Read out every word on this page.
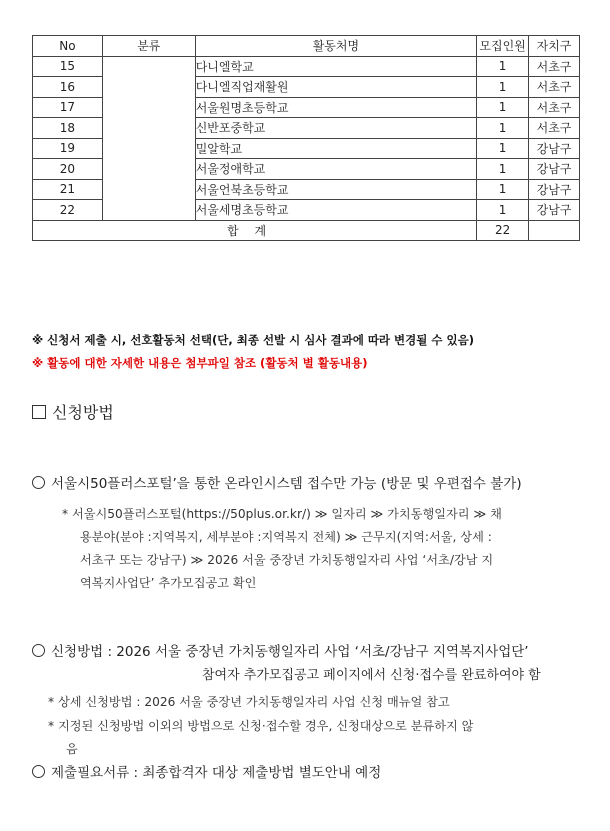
No	분류	활동처명	모집인원	자치구
15		다니엘학교	1	서초구
16		다니엘직업재활원	1	서초구
17		서울원명초등학교	1	서초구
18		신반포중학교	1	서초구
19		밀알학교	1	강남구
20		서울정애학교	1	강남구
21		서울언북초등학교	1	강남구
22		서울세명초등학교	1	강남구
합계			22	
※ 신청서 제출 시, 선호활동처 선택(단, 최종 선발 시 심사 결과에 따라 변경될 수 있음)
※ 활동에 대한 자세한 내용은 첨부파일 참조 (활동처 별 활동내용)
신청방법
서울시50플러스포털’을 통한 온라인시스템 접수만 가능 (방문 및 우편접수 불가)
* 서울시50플러스포털(https://50plus.or.kr/) ≫ 일자리 ≫ 가치동행일자리 ≫ 채
용분야(분야 :지역복지, 세부분야 :지역복지 전체) ≫ 근무지(지역:서울, 상세 :
서초구 또는 강남구) ≫ 2026 서울 중장년 가치동행일자리 사업 ‘서초/강남 지
역복지사업단’ 추가모집공고 확인
신청방법 : 2026 서울 중장년 가치동행일자리 사업 ‘서초/강남구 지역복지사업단’
참여자 추가모집공고 페이지에서 신청·접수를 완료하여야 함
* 상세 신청방법 : 2026 서울 중장년 가치동행일자리 사업 신청 매뉴얼 참고
* 지정된 신청방법 이외의 방법으로 신청·접수할 경우, 신청대상으로 분류하지 않
음
제출필요서류 : 최종합격자 대상 제출방법 별도안내 예정
